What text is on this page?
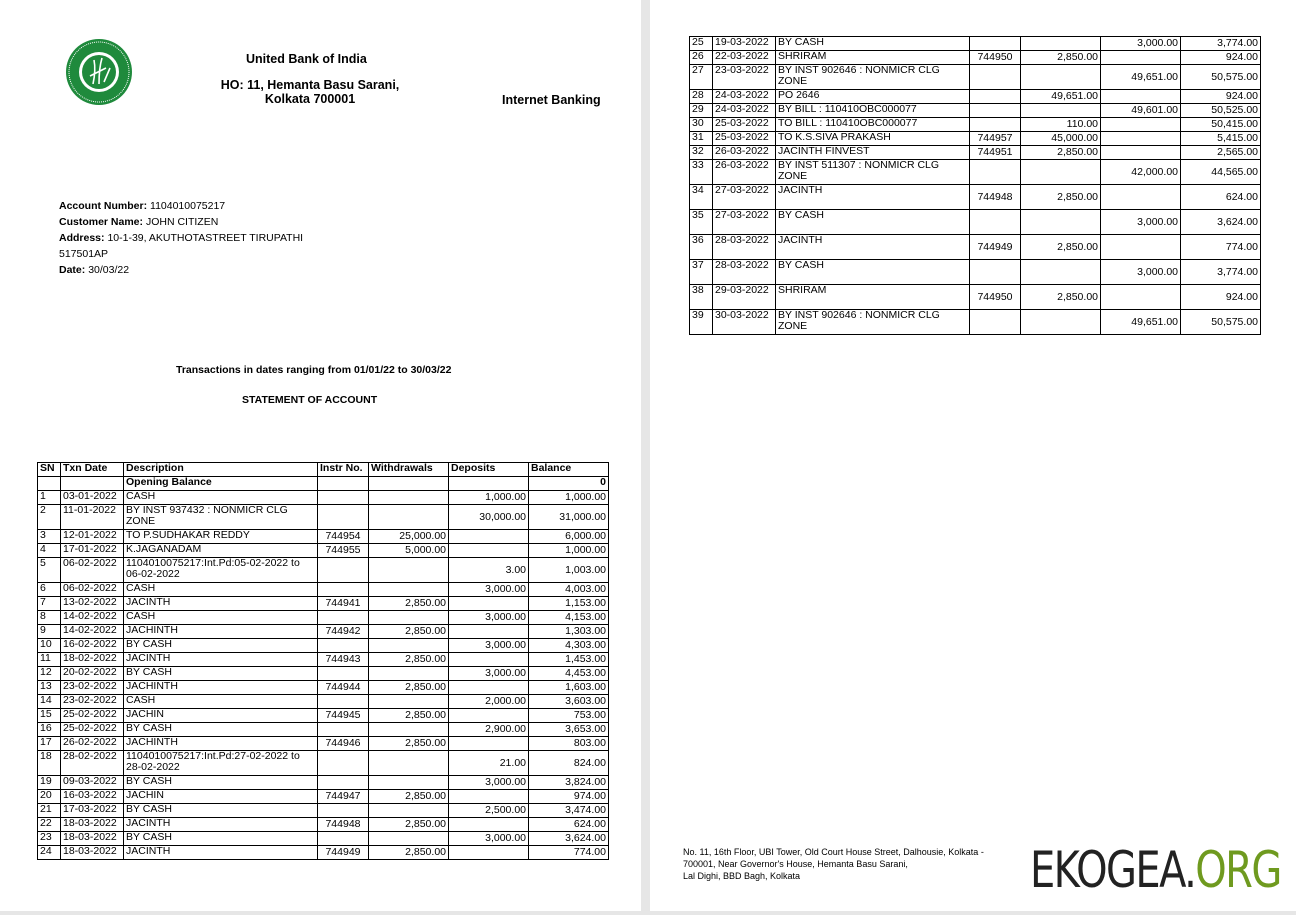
United Bank of India
HO: 11, Hemanta Basu Sarani,
Kolkata 700001	Internet Banking
Account Number: 1104010075217
Customer Name: JOHN CITIZEN
Address: 10-1-39, AKUTHOTASTREET TIRUPATHI
517501AP
Date: 30/03/22
Transactions in dates ranging from 01/01/22 to 30/03/22
STATEMENT OF ACCOUNT
SN	Txn Date	Description	Instr No.	Withdrawals	Deposits	Balance
		Opening Balance				0
1	03-01-2022	CASH			1,000.00	1,000.00
2	11-01-2022	BY INST 937432 : NONMICR CLG ZONE			30,000.00	31,000.00
3	12-01-2022	TO P.SUDHAKAR REDDY	744954	25,000.00		6,000.00
4	17-01-2022	K.JAGANADAM	744955	5,000.00		1,000.00
5	06-02-2022	1104010075217:Int.Pd:05-02-2022 to 06-02-2022			3.00	1,003.00
6	06-02-2022	CASH			3,000.00	4,003.00
7	13-02-2022	JACINTH	744941	2,850.00		1,153.00
8	14-02-2022	CASH			3,000.00	4,153.00
9	14-02-2022	JACHINTH	744942	2,850.00		1,303.00
10	16-02-2022	BY CASH			3,000.00	4,303.00
11	18-02-2022	JACINTH	744943	2,850.00		1,453.00
12	20-02-2022	BY CASH			3,000.00	4,453.00
13	23-02-2022	JACHINTH	744944	2,850.00		1,603.00
14	23-02-2022	CASH			2,000.00	3,603.00
15	25-02-2022	JACHIN	744945	2,850.00		753.00
16	25-02-2022	BY CASH			2,900.00	3,653.00
17	26-02-2022	JACHINTH	744946	2,850.00		803.00
18	28-02-2022	1104010075217:Int.Pd:27-02-2022 to 28-02-2022			21.00	824.00
19	09-03-2022	BY CASH			3,000.00	3,824.00
20	16-03-2022	JACHIN	744947	2,850.00		974.00
21	17-03-2022	BY CASH			2,500.00	3,474.00
22	18-03-2022	JACINTH	744948	2,850.00		624.00
23	18-03-2022	BY CASH			3,000.00	3,624.00
24	18-03-2022	JACINTH	744949	2,850.00		774.00
25	19-03-2022	BY CASH			3,000.00	3,774.00
26	22-03-2022	SHRIRAM	744950	2,850.00		924.00
27	23-03-2022	BY INST 902646 : NONMICR CLG ZONE			49,651.00	50,575.00
28	24-03-2022	PO 2646		49,651.00		924.00
29	24-03-2022	BY BILL : 110410OBC000077			49,601.00	50,525.00
30	25-03-2022	TO BILL : 110410OBC000077		110.00		50,415.00
31	25-03-2022	TO K.S.SIVA PRAKASH	744957	45,000.00		5,415.00
32	26-03-2022	JACINTH FINVEST	744951	2,850.00		2,565.00
33	26-03-2022	BY INST 511307 : NONMICR CLG ZONE			42,000.00	44,565.00
34	27-03-2022	JACINTH	744948	2,850.00		624.00
35	27-03-2022	BY CASH			3,000.00	3,624.00
36	28-03-2022	JACINTH	744949	2,850.00		774.00
37	28-03-2022	BY CASH			3,000.00	3,774.00
38	29-03-2022	SHRIRAM	744950	2,850.00		924.00
39	30-03-2022	BY INST 902646 : NONMICR CLG ZONE			49,651.00	50,575.00
No. 11, 16th Floor, UBI Tower, Old Court House Street, Dalhousie, Kolkata - 700001, Near Governor's House, Hemanta Basu Sarani,
Lal Dighi, BBD Bagh, Kolkata	EKOGEA.ORG
